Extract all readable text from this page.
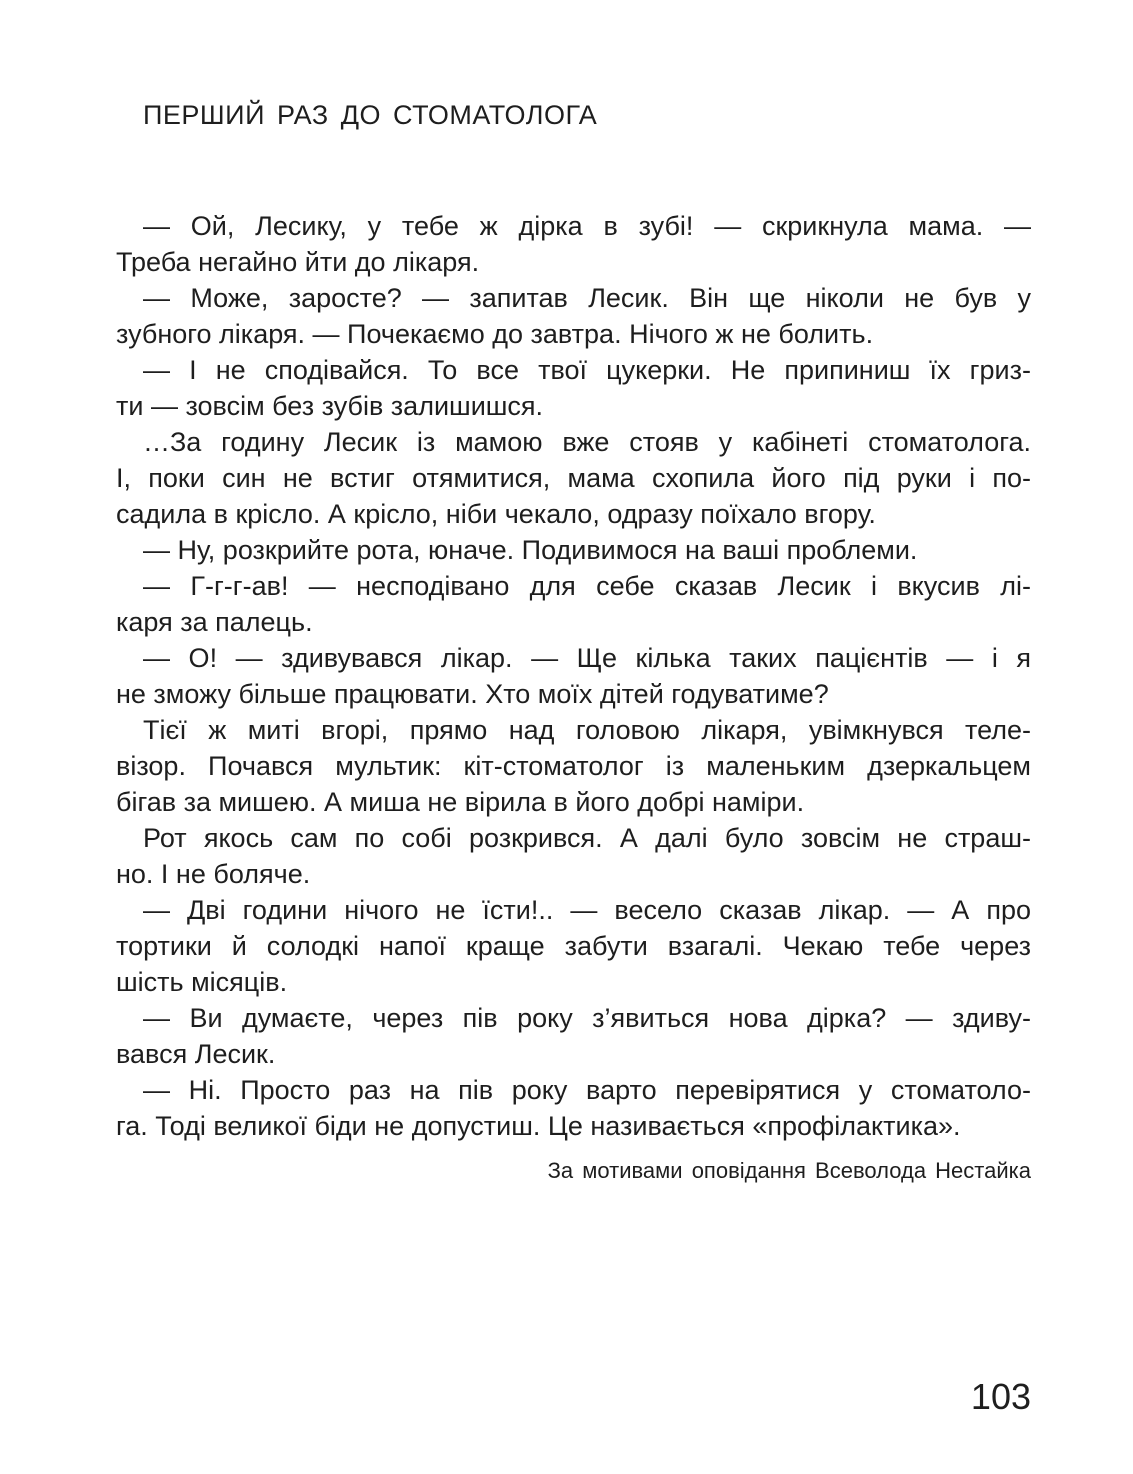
ПЕРШИЙ РАЗ ДО СТОМАТОЛОГА
— Ой, Лесику, у тебе ж дірка в зубі! — скрикнула мама. —
Треба негайно йти до лікаря.
— Може, заросте? — запитав Лесик. Він ще ніколи не був у
зубного лікаря. — Почекаємо до завтра. Нічого ж не болить.
— І не сподівайся. То все твої цукерки. Не припиниш їх гриз-
ти — зовсім без зубів залишишся.
…За годину Лесик із мамою вже стояв у кабінеті стоматолога.
І, поки син не встиг отямитися, мама схопила його під руки і по-
садила в крісло. А крісло, ніби чекало, одразу поїхало вгору.
— Ну, розкрийте рота, юначе. Подивимося на ваші проблеми.
— Г-г-г-ав! — несподівано для себе сказав Лесик і вкусив лі-
каря за палець.
— О! — здивувався лікар. — Ще кілька таких пацієнтів — і я
не зможу більше працювати. Хто моїх дітей годуватиме?
Тієї ж миті вгорі, прямо над головою лікаря, увімкнувся теле-
візор. Почався мультик: кіт-стоматолог із маленьким дзеркальцем
бігав за мишею. А миша не вірила в його добрі наміри.
Рот якось сам по собі розкрився. А далі було зовсім не страш-
но. І не боляче.
— Дві години нічого не їсти!.. — весело сказав лікар. — А про
тортики й солодкі напої краще забути взагалі. Чекаю тебе через
шість місяців.
— Ви думаєте, через пів року з’явиться нова дірка? — здиву-
вався Лесик.
— Ні. Просто раз на пів року варто перевірятися у стоматоло-
га. Тоді великої біди не допустиш. Це називається «профілактика».
За мотивами оповідання Всеволода Нестайка
103
